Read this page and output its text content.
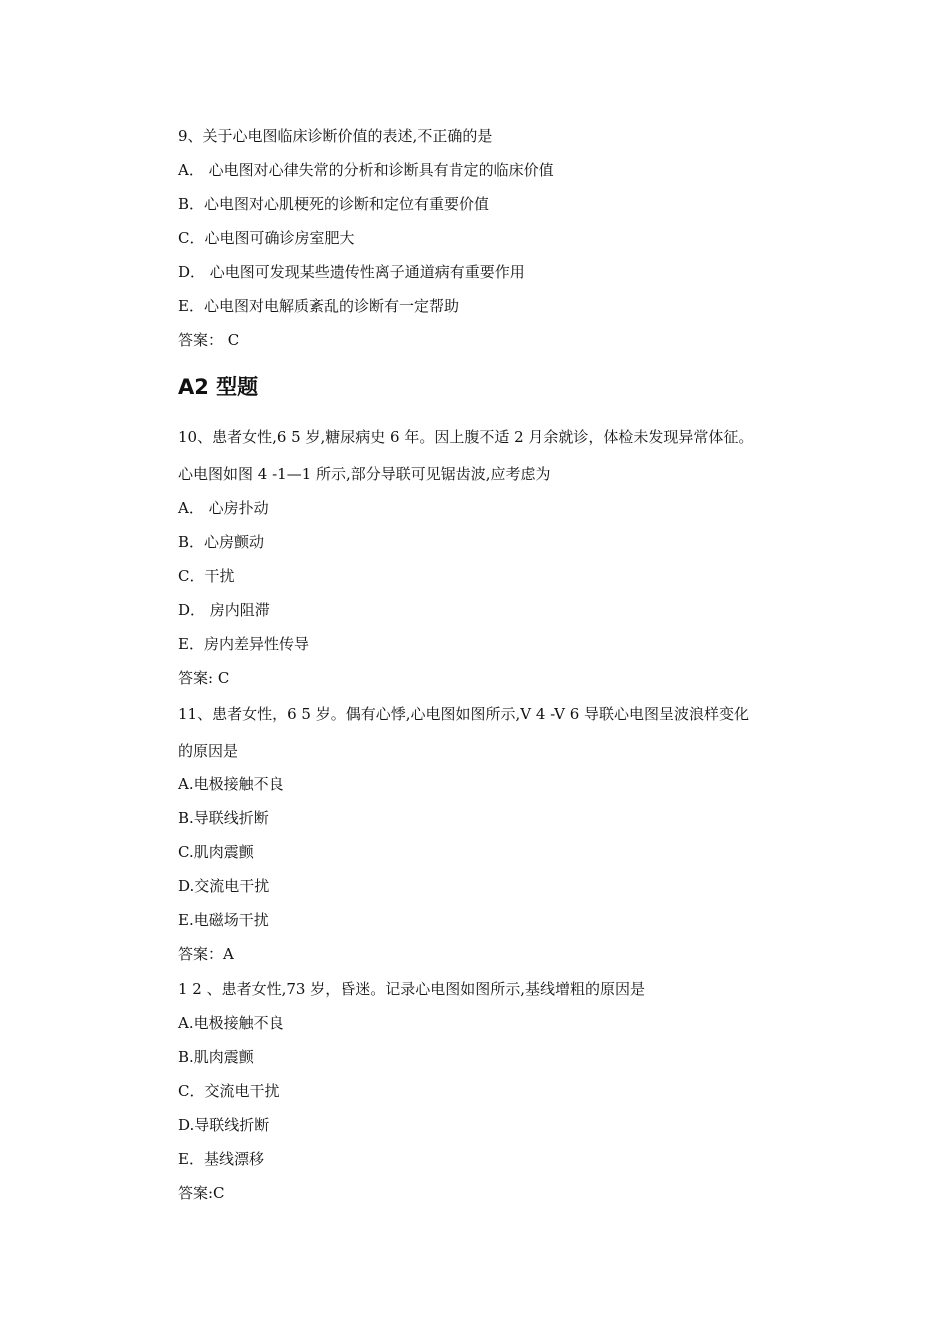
9、关于心电图临床诊断价值的表述,不正确的是
A． 心电图对心律失常的分析和诊断具有肯定的临床价值
B．心电图对心肌梗死的诊断和定位有重要价值
C．心电图可确诊房室肥大
D． 心电图可发现某些遗传性离子通道病有重要作用
E．心电图对电解质紊乱的诊断有一定帮助
答案： C
A2 型题
10、患者女性,6 5 岁,糖尿病史 6 年。因上腹不适 2 月余就诊，体检未发现异常体征。
心电图如图 4 -1—1 所示,部分导联可见锯齿波,应考虑为
A． 心房扑动
B．心房颤动
C．干扰
D． 房内阻滞
E．房内差异性传导
答案: C
11、患者女性，6 5 岁。偶有心悸,心电图如图所示,V 4 -V 6 导联心电图呈波浪样变化
的原因是
A.电极接触不良
B.导联线折断
C.肌肉震颤
D.交流电干扰
E.电磁场干扰
答案：A
1 2 、患者女性,73 岁，昏迷。记录心电图如图所示,基线增粗的原因是
A.电极接触不良
B.肌肉震颤
C．交流电干扰
D.导联线折断
E．基线漂移
答案:C
